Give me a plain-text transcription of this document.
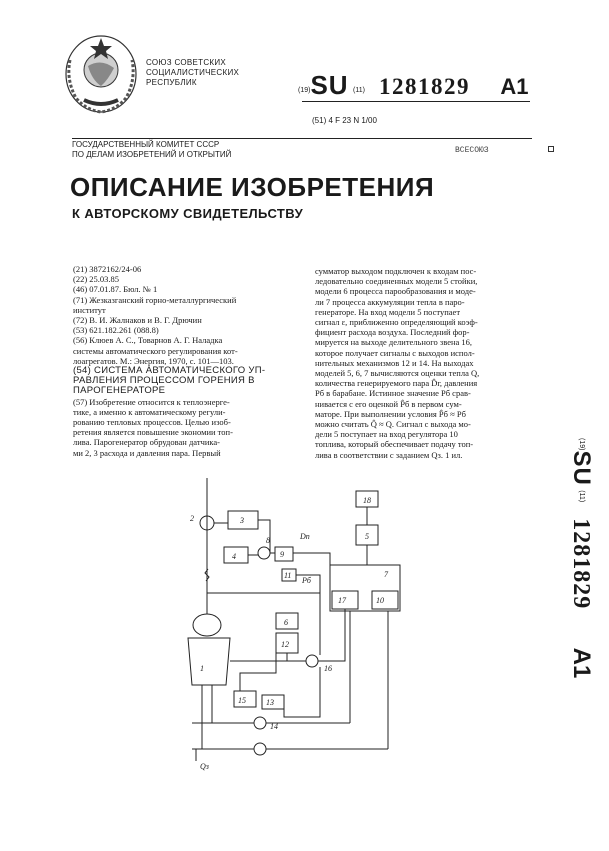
СОЮЗ СОВЕТСКИХ
СОЦИАЛИСТИЧЕСКИХ
РЕСПУБЛИК
(19)SU (11) 1281829 A1
(51) 4 F 23 N 1/00
ГОСУДАРСТВЕННЫЙ КОМИТЕТ СССР
ПО ДЕЛАМ ИЗОБРЕТЕНИЙ И ОТКРЫТИЙ	ВСЕСОЮЗ
ОПИСАНИЕ ИЗОБРЕТЕНИЯ
К АВТОРСКОМУ СВИДЕТЕЛЬСТВУ
(21) 3872162/24-06
(22) 25.03.85
(46) 07.01.87. Бюл. № 1
(71) Жезказганский горно-металлургический
институт
(72) В. И. Жалнаков и В. Г. Дрючин
(53) 621.182.261 (088.8)
(56) Клюев А. С., Товарнов А. Г. Наладка
системы автоматического регулирования кот-
лоагрегатов. М.: Энергия, 1970, с. 101—103.
(54) СИСТЕМА АВТОМАТИЧЕСКОГО УП-
РАВЛЕНИЯ ПРОЦЕССОМ ГОРЕНИЯ В
ПАРОГЕНЕРАТОРЕ
(57) Изобретение относится к теплоэнерге-
тике, а именно к автоматическому регули-
рованию тепловых процессов. Целью изоб-
ретения является повышение экономии топ-
лива. Парогенератор обрудован датчика-
ми 2, 3 расхода и давления пара. Первый
сумматор выходом подключен к входам пос-
ледовательно соединенных модели 5 стойки,
модели 6 процесса парообразования и моде-
ли 7 процесса аккумуляции тепла в паро-
генераторе. На вход модели 5 поступает
сигнал ε, приближенно определяющий коэф-
фициент расхода воздуха. Последний фор-
мируется на выходе делительного звена 16,
которое получает сигналы с выходов испол-
нительных механизмов 12 и 14. На выходах
моделей 5, 6, 7 вычисляются оценки тепла Q,
количества генерируемого пара D̂г, давления
Pб в барабане. Истинное значение Pб срав-
нивается с его оценкой P̂б в первом сум-
маторе. При выполнении условия P̂б ≈ Pб
можно считать Q̂ ≈ Q. Сигнал с выхода мо-
дели 5 поступает на вход регулятора 10
топлива, который обеспечивает подачу топ-
лива в соответствии с заданием Qз. 1 ил.
$^{(19)}$SU $^{(11)}$1281829 A1
2	3
4
5
6
7
8
9
10
11
12
13
14
15
16
17
18
1
Dп
Pб
Qз
